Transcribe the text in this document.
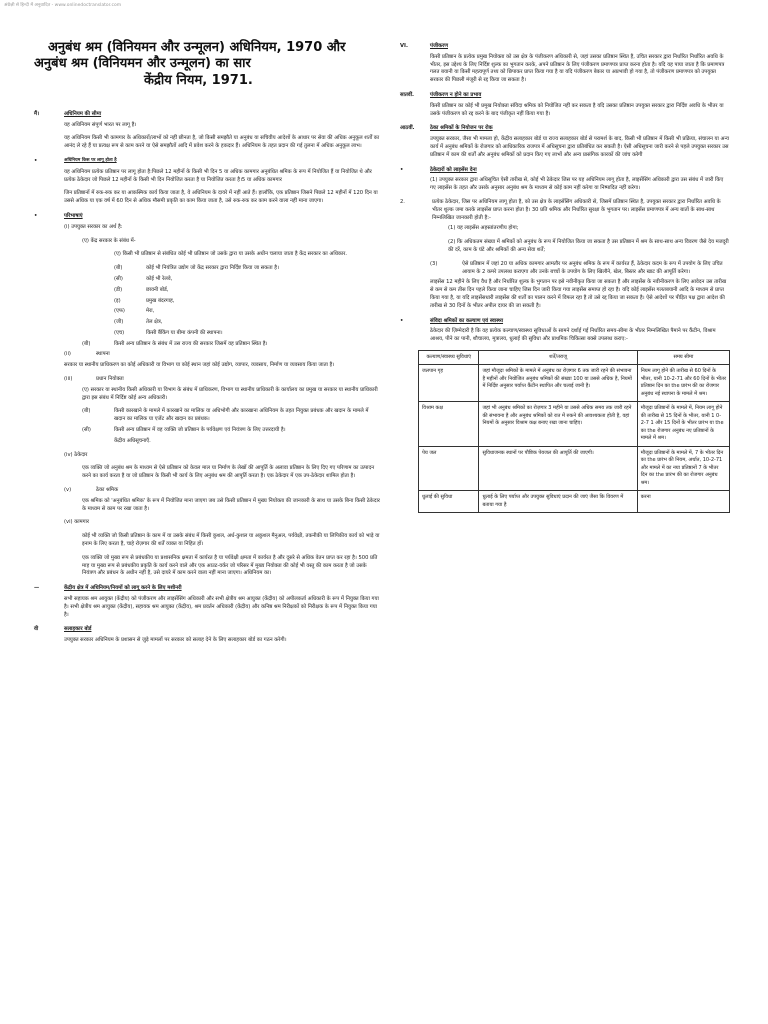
अंग्रेज़ी से हिन्दी में अनुवादित - www.onlinedoctranslator.com
अनुबंध श्रम (विनियमन और उन्मूलन) अधिनियम, 1970 और
अनुबंध श्रम (विनियमन और उन्मूलन) का सार
केंद्रीय नियम, 1971.
मैं।	अधिनियम की सीमा

यह अधिनियम संपूर्ण भारत पर लागू है।

यह अधिनियम किसी भी कामगार के अधिकारों/लाभों को नहीं छीनता है, जो किसी समझौते या अनुबंध या सचिवीय आदेशों के आधार पर सेवा की अधिक अनुकूल शर्तों का आनंद ले रहे हैं या प्रत्यक्ष रूप से काम करने या ऐसे समझौतों आदि में प्रवेश करने के हकदार हैं। अधिनियम के तहत प्रदान की गई तुलना में अधिक अनुकूल लाभ।

•	अधिनियम किस पर लागू होता है

यह अधिनियम प्रत्येक प्रतिष्ठान पर लागू होता है:पिछले 12 महीनों के किसी भी दिन 5 या अधिक कामगार अनुबंधित श्रमिक के रूप में नियोजित हैं या नियोजित थे और प्रत्येक ठेकेदार जो पिछले 12 महीनों के किसी भी दिन नियोजित करता है या नियोजित करता है।5 या अधिक कामगार

जिन प्रतिष्ठानों में रुक-रुक कर या आकस्मिक कार्य किया जाता है, वे अधिनियम के दायरे में नहीं आते हैं। हालाँकि, एक प्रतिष्ठान जिसने पिछले 12 महीनों में 120 दिन या उससे अधिक या एक वर्ष में 60 दिन से अधिक मौसमी प्रकृति का काम किया जाता है, उसे रुक-रुक कर काम करने वाला नहीं माना जाएगा।

•	परिभाषाएं

(i) उपयुक्त सरकार का अर्थ है:

(ए) केंद्र सरकार के संबंध में-

(ए) किसी भी प्रतिष्ठान से संबंधित कोई भी प्रतिष्ठान जो उसके द्वारा या उसके अधीन चलाया जाता है केंद्र सरकार का अधिकार.

(बी)	कोई भी नियंत्रित उद्योग जो केंद्र सरकार द्वारा निर्दिष्ट किया जा सकता है।
(सी)	कोई भी रेलवे,
(डी)	छावनी बोर्ड,
(इ)	प्रमुख बंदरगाह,
(एफ)	मेरा,
(जी)	तेल क्षेत्र,
(एच)	किसी बैंकिंग या बीमा कंपनी की स्थापना।
(बी)	किसी अन्य प्रतिष्ठान के संबंध में उस राज्य की सरकार जिसमें वह प्रतिष्ठान स्थित है।
(ii)	स्थापना

सरकार या स्थानीय प्राधिकरण का कोई अधिकारी या विभाग या कोई स्थान जहां कोई उद्योग, व्यापार, व्यवसाय, निर्माण या व्यवसाय किया जाता है।

(iii)	प्रधान नियोक्ता

(ए) सरकार या स्थानीय किसी अधिकारी या विभाग के संबंध में प्राधिकरण, विभाग या स्थानीय प्राधिकारी के कार्यालय का प्रमुख या सरकार या स्थानीय प्राधिकारी द्वारा इस संबंध में निर्दिष्ट कोई अन्य अधिकारी।

(बी)	किसी कारखाने के मामले में कारखाने का मालिक या अधिभोगी और कारखाना अधिनियम के तहत नियुक्त प्रबंधक और खदान के मामले में खदान का मालिक या एजेंट और खदान का प्रबंधक।
(सी)	किसी अन्य प्रतिष्ठान में वह व्यक्ति जो प्रतिष्ठान के पर्यवेक्षण एवं नियंत्रण के लिए उत्तरदायी है।

केंद्रीय अधिसूचनाएँ.

(iv) ठेकेदार

एक व्यक्ति जो अनुबंध श्रम के माध्यम से ऐसे प्रतिष्ठान को केवल माल या निर्माण के लेखों की आपूर्ति के अलावा प्रतिष्ठान के लिए दिए गए परिणाम का उत्पादन करने का कार्य करता है या जो प्रतिष्ठान के किसी भी कार्य के लिए अनुबंध श्रम की आपूर्ति करता है। एक ठेकेदार में एक उप-ठेकेदार शामिल होता है।

(v)	ठेका श्रमिक

एक श्रमिक को 'अनुबंधित श्रमिक' के रूप में नियोजित माना जाएगा जब उसे किसी प्रतिष्ठान में मुख्य नियोक्ता की जानकारी के साथ या उसके बिना किसी ठेकेदार के माध्यम से काम पर रखा जाता है।

(vi) कामगार

कोई भी व्यक्ति जो किसी प्रतिष्ठान के काम में या उसके संबंध में किसी कुशल, अर्ध-कुशल या अकुशल मैनुअल, पर्यवेक्षी, तकनीकी या लिपिकीय कार्य को भाड़े या इनाम के लिए करता है, चाहे रोज़गार की शर्तें व्यक्त या निहित हों।

एक व्यक्ति जो मुख्य रूप से प्रबंधकीय या प्रशासनिक क्षमता में कार्यरत है या पर्यवेक्षी क्षमता में कार्यरत है और दूसरे से अधिक वेतन प्राप्त कर रहा है। 500 प्रति माह या मुख्य रूप से प्रबंधकीय प्रकृति के कार्य करने वाले और एक आउट-वर्कर जो परिसर में मुख्य नियोक्ता की कोई भी वस्तु की काम करता है जो उसके नियंत्रण और प्रबंधन के अधीन नहीं है, उसे दायरे में काम करने वाला नहीं माना जाएगा। अधिनियम का।

—	केंद्रीय क्षेत्र में अधिनियम/नियमों को लागू करने के लिए मशीनरी

सभी सहायक श्रम आयुक्त (केंद्रीय) को पंजीकरण और लाइसेंसिंग अधिकारी और सभी क्षेत्रीय श्रम आयुक्त (केंद्रीय) को अपीलकर्ता अधिकारी के रूप में नियुक्त किया गया है। सभी क्षेत्रीय श्रम आयुक्त (केंद्रीय), सहायक श्रम आयुक्त (केंद्रीय), श्रम प्रवर्तन अधिकारी (केंद्रीय) और कनिष्ठ श्रम निरीक्षकों को निरीक्षक के रूप में नियुक्त किया गया है।

वी	सलाहकार बोर्ड

उपयुक्त सरकार अधिनियम के प्रशासन से जुड़े मामलों पर सरकार को सलाह देने के लिए सलाहकार बोर्ड का गठन करेगी।

VI.	पंजीकरण

किसी प्रतिष्ठान के प्रत्येक प्रमुख नियोक्ता को उस क्षेत्र के पंजीकरण अधिकारी से, जहां उसका प्रतिष्ठान स्थित है, उचित सरकार द्वारा निर्धारित निर्धारित अवधि के भीतर, इस उद्देश्य के लिए निर्दिष्ट शुल्क का भुगतान करके, अपने प्रतिष्ठान के लिए पंजीकरण प्रमाणपत्र प्राप्त करना होता है। यदि यह पाया जाता है कि प्रमाणपत्र गलत बयानी या किसी महत्वपूर्ण तथ्य को छिपाकर प्राप्त किया गया है या यदि पंजीकरण बेकार या अप्रभावी हो गया है, तो पंजीकरण प्रमाणपत्र को उपयुक्त सरकार की पिछली मंजूरी से रद्द किया जा सकता है।

सातवीं.	पंजीकरण न होने का प्रभाव

किसी प्रतिष्ठान का कोई भी प्रमुख नियोक्ता संविदा श्रमिक को नियोजित नहीं कर सकता है यदि उसका प्रतिष्ठान उपयुक्त सरकार द्वारा निर्दिष्ट अवधि के भीतर या उसके पंजीकरण को रद्द करने के बाद पंजीकृत नहीं किया गया है।

आठवीं.	ठेका श्रमिकों के नियोजन पर रोक

उपयुक्त सरकार, जैसा भी मामला हो, केंद्रीय सलाहकार बोर्ड या राज्य सलाहकार बोर्ड से परामर्श के बाद, किसी भी प्रतिष्ठान में किसी भी प्रक्रिया, संचालन या अन्य कार्य में अनुबंध श्रमिकों के रोजगार को आधिकारिक राजपत्र में अधिसूचना द्वारा प्रतिबंधित कर सकती है। ऐसी अधिसूचना जारी करने से पहले उपयुक्त सरकार उस प्रतिष्ठान में काम की शर्तों और अनुबंध श्रमिकों को प्रदान किए गए लाभों और अन्य प्रासंगिक कारकों की जांच करेगी

•	ठेकेदारों को लाइसेंस देना

(1) उपयुक्त सरकार द्वारा अधिसूचित ऐसी तारीख से, कोई भी ठेकेदार जिस पर यह अधिनियम लागू होता है, लाइसेंसिंग अधिकारी द्वारा उस संबंध में जारी किए गए लाइसेंस के तहत और उसके अनुसार अनुबंध श्रम के माध्यम से कोई काम नहीं करेगा या निष्पादित नहीं करेगा।

2.	प्रत्येक ठेकेदार, जिस पर अधिनियम लागू होता है, को उस क्षेत्र के लाइसेंसिंग अधिकारी से, जिसमें प्रतिष्ठान स्थित है, उपयुक्त सरकार द्वारा निर्धारित अवधि के भीतर शुल्क जमा करके लाइसेंस प्राप्त करना होता है। 30 प्रति श्रमिक और निर्धारित सुरक्षा के भुगतान पर। लाइसेंस प्रमाणपत्र में अन्य बातों के साथ-साथ निम्नलिखित जानकारी होती है:-

(1) यह लाइसेंस अहस्तांतरणीय होगा;

(2) कि अधिकतम संख्या में श्रमिकों को अनुबंध के रूप में नियोजित किया जा सकता है उस प्रतिष्ठान में श्रम के साथ-साथ अन्य विवरण जैसे देय मजदूरी की दरें, काम के घंटे और श्रमिकों की अन्य सेवा शर्तें;

(3)	ऐसे प्रतिष्ठान में जहां 20 या अधिक कामगार आमतौर पर अनुबंध श्रमिक के रूप में कार्यरत हैं, ठेकेदार कदम के रूप में उपयोग के लिए उचित आयाम के 2 कमरे उपलब्ध कराएगा और उनके बच्चों के उपयोग के लिए खिलौने, खेल, बिस्तर और खाट की आपूर्ति करेगा।

लाइसेंस 12 महीने के लिए वैध है और निर्धारित शुल्क के भुगतान पर इसे नवीनीकृत किया जा सकता है और लाइसेंस के नवीनीकरण के लिए आवेदन उस तारीख से कम से कम तीस दिन पहले किया जाना चाहिए जिस दिन जारी किया गया लाइसेंस समाप्त हो रहा है। यदि कोई लाइसेंस गलतबयानी आदि के माध्यम से प्राप्त किया गया है, या यदि लाइसेंसधारी लाइसेंस की शर्तों का पालन करने में विफल रहा है तो उसे रद्द किया जा सकता है। ऐसे आदेशों पर पीड़ित पक्ष द्वारा आदेश की तारीख से 30 दिनों के भीतर अपील दायर की जा सकती है।

•	संविदा श्रमिकों का कल्याण एवं स्वास्थ्य

ठेकेदार की ज़िम्मेदारी है कि वह प्रत्येक कल्याण/स्वास्थ्य सुविधाओं के सामने दर्शाई गई निर्धारित समय-सीमा के भीतर निम्नलिखित पैमाने पर कैंटीन, विश्राम आश्रय, पीने का पानी, शौचालय, मूत्रालय, धुलाई की सुविधा और प्राथमिक चिकित्सा बक्से उपलब्ध कराए:-

कल्याण/स्वास्थ्य सुविधाएं	शर्तें/तराजू	समय सीमा
जलपान गृह	जहां मौजूदा श्रमिकों के मामले में अनुबंध का रोज़गार 6 तक जारी रहने की संभावना है महीनों और नियोजित अनुबंध श्रमिकों की संख्या 100 या उससे अधिक है, नियमों में निर्दिष्ट अनुसार पर्याप्त कैंटीन स्थापित और चलाई जानी है।	नियम लागू होने की तारीख से 60 दिनों के भीतर, यानी 10-2-71 और 60 दिनों के भीतर प्रतिष्ठान दिन का the प्रारंभ की का रोजगार अनुबंध नई स्थापना के मामले में श्रम।
विश्राम कक्ष	जहां भी अनुबंध श्रमिकों का रोज़गार 3 महीने या उससे अधिक समय तक जारी रहने की संभावना है और अनुबंध श्रमिकों को रात में रुकने की आवश्यकता होती है, वहां नियमों के अनुसार विश्राम कक्ष बनाए रखा जाना चाहिए।	मौजूदा प्रतिष्ठानों के मामले में, नियम लागू होने की तारीख से 15 दिनों के भीतर, यानी 1 0-2-7 1 और 15 दिनों के भीतर प्रारंभ या the का the रोजगार अनुबंध नए प्रतिष्ठानों के मामले में श्रम।
पेय जल	सुविधाजनक स्थानों पर पौष्टिक पेयजल की आपूर्ति की जाएगी।	मौजूदा प्रतिष्ठानों के मामले में, 7 के भीतर दिन का the प्रारंभ की नियम, अर्थात, 10-2-71 और मामले में का नया प्रतिष्ठानों 7 के भीतर दिन का the प्रारंभ की का रोजगार अनुबंध श्रम।
धुलाई की सुविधा	धुलाई के लिए पर्याप्त और उपयुक्त सुविधाएं प्रदान की जाएं जैसा कि विवरण में बताया गया है	करना
